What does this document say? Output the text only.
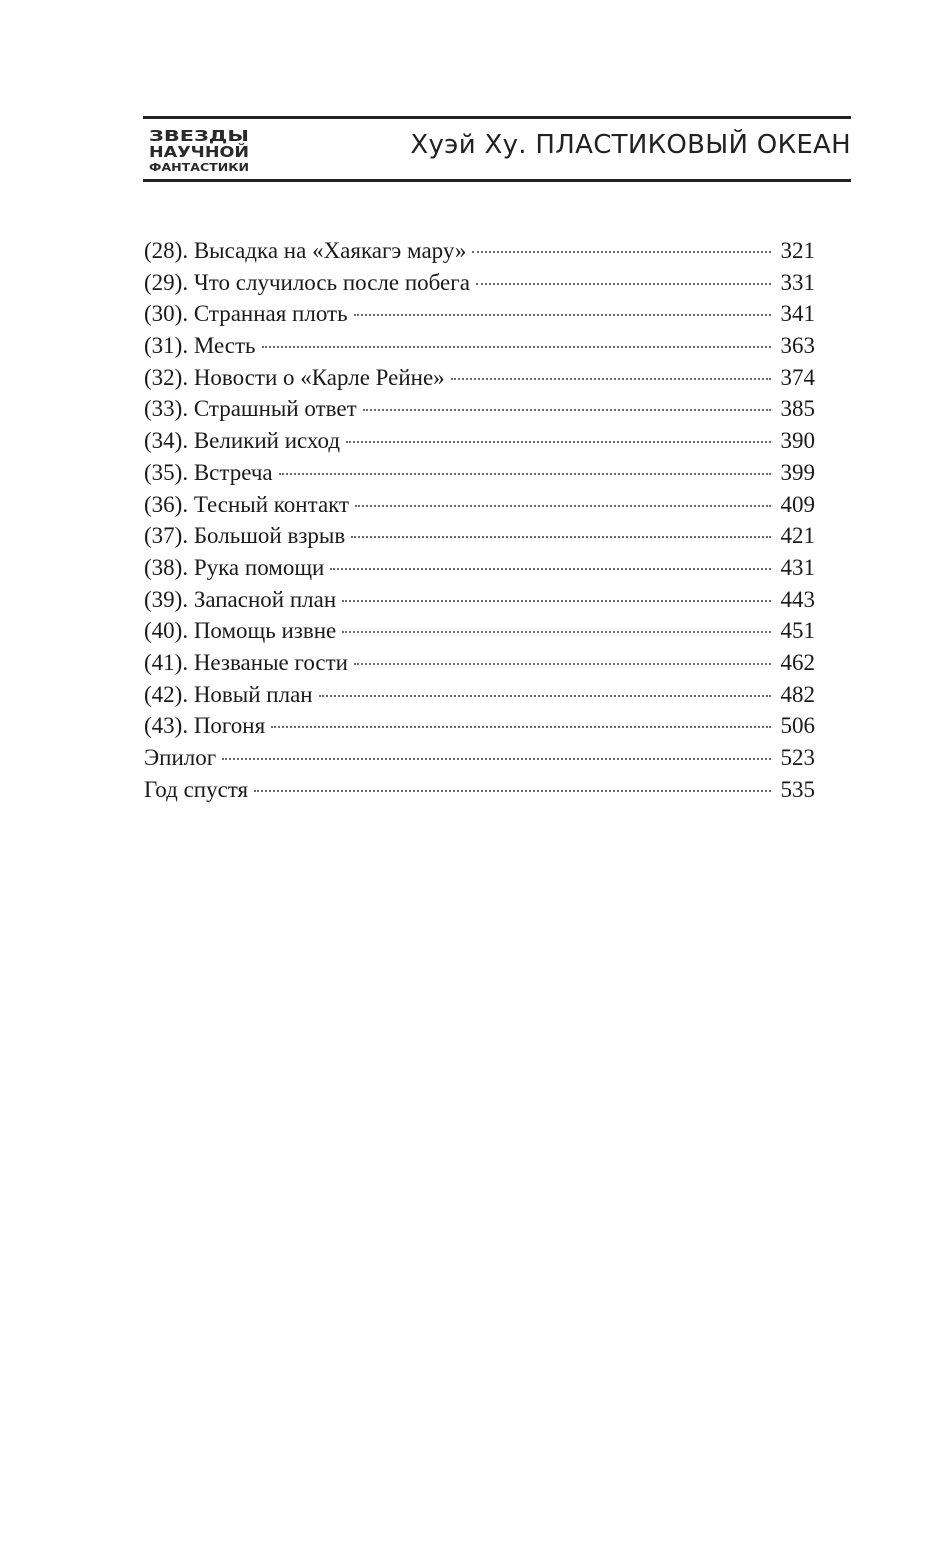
ЗВЕЗДЫ
НАУЧНОЙ
ФАНТАСТИКИ
Хуэй Ху. ПЛАСТИКОВЫЙ ОКЕАН
(28). Высадка на «Хаякагэ мару»	321
(29). Что случилось после побега	331
(30). Странная плоть	341
(31). Месть	363
(32). Новости о «Карле Рейне»	374
(33). Страшный ответ	385
(34). Великий исход	390
(35). Встреча	399
(36). Тесный контакт	409
(37). Большой взрыв	421
(38). Рука помощи	431
(39). Запасной план	443
(40). Помощь извне	451
(41). Незваные гости	462
(42). Новый план	482
(43). Погоня	506
Эпилог	523
Год спустя	535
